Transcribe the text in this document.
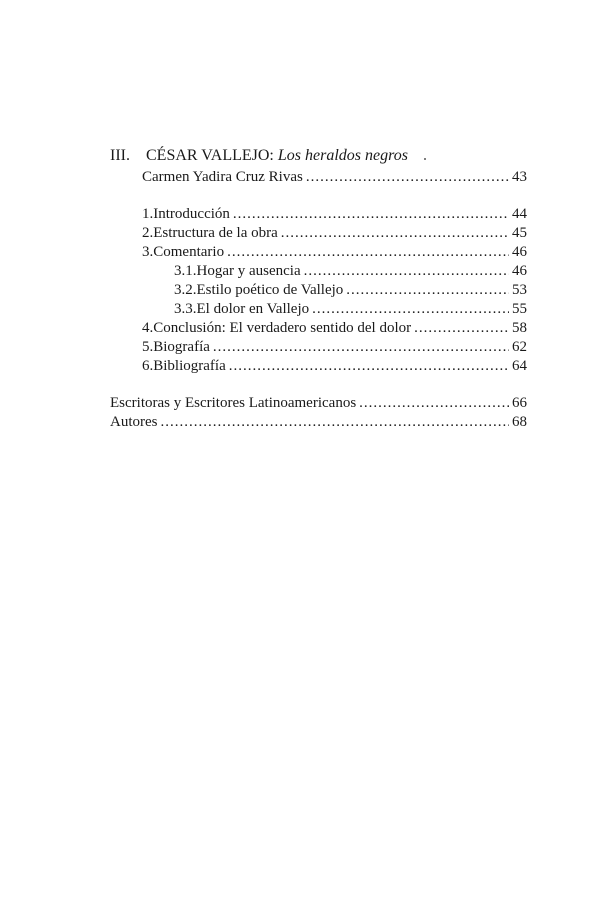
III. CÉSAR VALLEJO: Los heraldos negros
Carmen Yadira Cruz Rivas .....	43
1. Introducción .....	44
2. Estructura de la obra .....	45
3. Comentario .....	46
3.1. Hogar y ausencia .....	46
3.2. Estilo poético de Vallejo .....	53
3.3. El dolor en Vallejo .....	55
4. Conclusión: El verdadero sentido del dolor .....	58
5. Biografía .....	62
6. Bibliografía .....	64
Escritoras y Escritores Latinoamericanos .....	66
Autores .....	68
